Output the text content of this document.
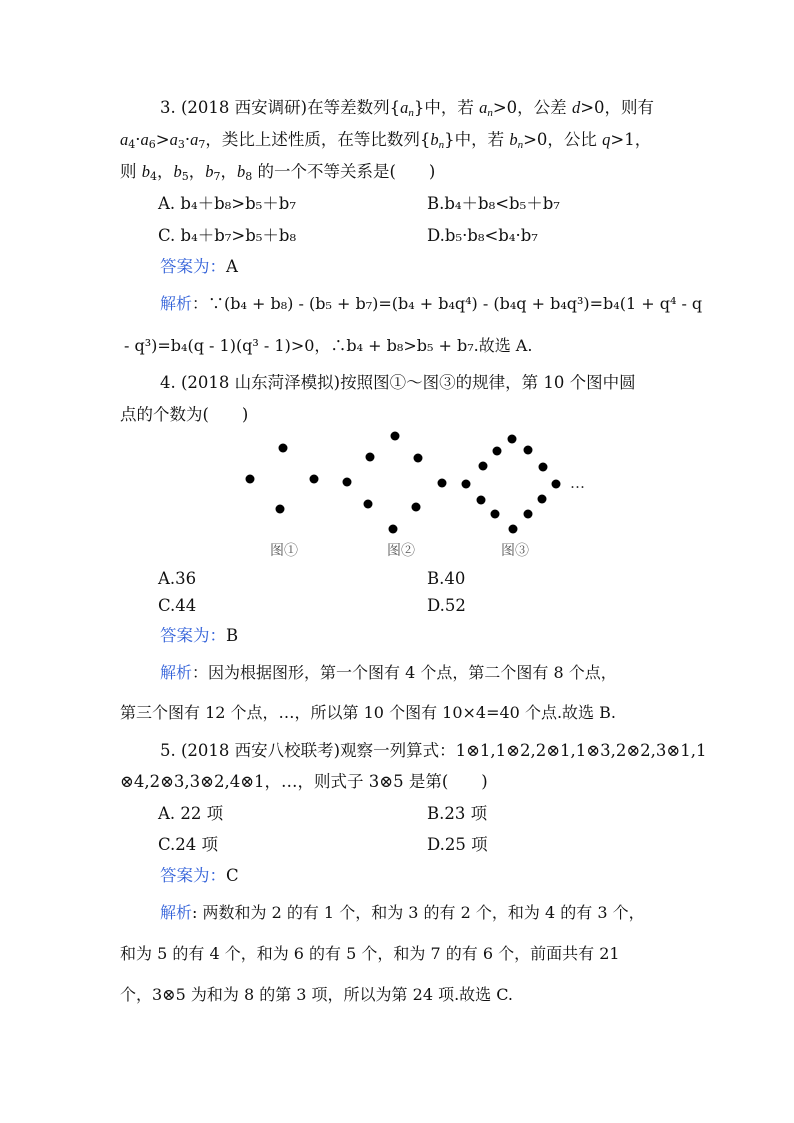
3. (2018 西安调研)在等差数列$\{a_n\}$中，若 $a_n>0$，公差 d>0，则有
$a_4\cdot a_6>a_3\cdot a_7$，类比上述性质，在等比数列$\{b_n\}$中，若 $b_n>0$，公比 q>1，
则 $b_4$，$b_5$，$b_7$，$b_8$ 的一个不等关系是(　　)
A. b₄＋b₈>b₅＋b₇	B.b₄＋b₈<b₅＋b₇
C. b₄＋b₇>b₅＋b₈	D.b₅·b₈<b₄·b₇
答案为：A
解析：∵(b₄ + b₈) - (b₅ + b₇)=(b₄ + b₄q⁴) - (b₄q + b₄q³)=b₄(1 + q⁴ - q
- q³)=b₄(q - 1)(q³ - 1)>0，∴b₄ + b₈>b₅ + b₇.故选 A.
4. (2018 山东菏泽模拟)按照图①～图③的规律，第 10 个图中圆
点的个数为(　　)
…
图①	图②	图③
A.36	B.40
C.44	D.52
答案为：B
解析：因为根据图形，第一个图有 4 个点，第二个图有 8 个点，
第三个图有 12 个点，…，所以第 10 个图有 10×4=40 个点.故选 B.
5. (2018 西安八校联考)观察一列算式：1⊗1,1⊗2,2⊗1,1⊗3,2⊗2,3⊗1,1
⊗4,2⊗3,3⊗2,4⊗1，…，则式子 3⊗5 是第(　　)
A. 22 项	B.23 项
C.24 项	D.25 项
答案为：C
解析: 两数和为 2 的有 1 个，和为 3 的有 2 个，和为 4 的有 3 个，
和为 5 的有 4 个，和为 6 的有 5 个，和为 7 的有 6 个，前面共有 21
个，3⊗5 为和为 8 的第 3 项，所以为第 24 项.故选 C.
